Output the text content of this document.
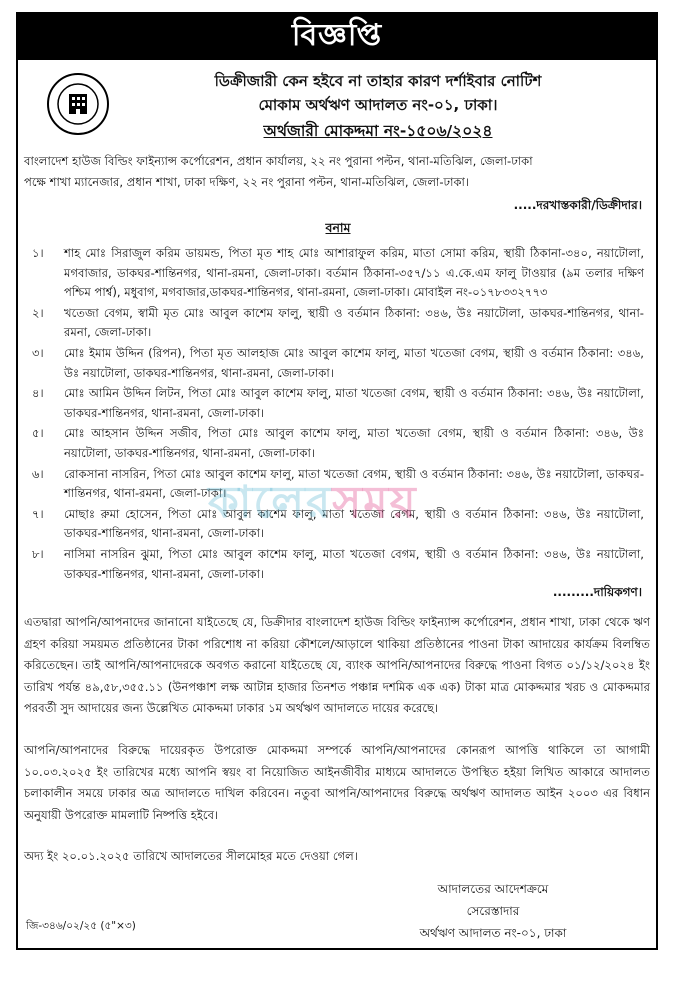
বিজ্ঞপ্তি
ডিক্রীজারী কেন হইবে না তাহার কারণ দর্শাইবার নোটিশ
মোকাম অর্থঋণ আদালত নং-০১, ঢাকা।
অর্থজারী মোকদ্দমা নং-১৫০৬/২০২৪
বাংলাদেশ হাউজ বিল্ডিং ফাইন্যান্স কর্পোরেশন, প্রধান কার্যালয়, ২২ নং পুরানা পল্টন, থানা-মতিঝিল, জেলা-ঢাকা
পক্ষে শাখা ম্যানেজার, প্রধান শাখা, ঢাকা দক্ষিণ, ২২ নং পুরানা পল্টন, থানা-মতিঝিল, জেলা-ঢাকা।
.....দরখাস্তকারী/ডিক্রীদার।
বনাম
১।	শাহ মোঃ সিরাজুল করিম ডায়মন্ড, পিতা মৃত শাহ মোঃ আশারাফুল করিম, মাতা সোমা করিম, স্থায়ী ঠিকানা-৩৪০, নয়াটোলা, মগবাজার, ডাকঘর-শান্তিনগর, থানা-রমনা, জেলা-ঢাকা। বর্তমান ঠিকানা-৩৫৭/১১ এ.কে.এম ফালু টাওয়ার (৯ম তলার দক্ষিণ পশ্চিম পার্শ্ব), মধুবাগ, মগবাজার,ডাকঘর-শান্তিনগর, থানা-রমনা, জেলা-ঢাকা। মোবাইল নং-০১৭৮৩৩২৭৭৩
২।	খতেজা বেগম, স্বামী মৃত মোঃ আবুল কাশেম ফালু, স্থায়ী ও বর্তমান ঠিকানা: ৩৪৬, উঃ নয়াটোলা, ডাকঘর-শান্তিনগর, থানা-রমনা, জেলা-ঢাকা।
৩।	মোঃ ইমাম উদ্দিন (রিপন), পিতা মৃত আলহাজ মোঃ আবুল কাশেম ফালু, মাতা খতেজা বেগম, স্থায়ী ও বর্তমান ঠিকানা: ৩৪৬, উঃ নয়াটোলা, ডাকঘর-শান্তিনগর, থানা-রমনা, জেলা-ঢাকা।
৪।	মোঃ আমিন উদ্দিন লিটন, পিতা মোঃ আবুল কাশেম ফালু, মাতা খতেজা বেগম, স্থায়ী ও বর্তমান ঠিকানা: ৩৪৬, উঃ নয়াটোলা, ডাকঘর-শান্তিনগর, থানা-রমনা, জেলা-ঢাকা।
৫।	মোঃ আহসান উদ্দিন সজীব, পিতা মোঃ আবুল কাশেম ফালু, মাতা খতেজা বেগম, স্থায়ী ও বর্তমান ঠিকানা: ৩৪৬, উঃ নয়াটোলা, ডাকঘর-শান্তিনগর, থানা-রমনা, জেলা-ঢাকা।
৬।	রোকসানা নাসরিন, পিতা মোঃ আবুল কাশেম ফালু, মাতা খতেজা বেগম, স্থায়ী ও বর্তমান ঠিকানা: ৩৪৬, উঃ নয়াটোলা, ডাকঘর-শান্তিনগর, থানা-রমনা, জেলা-ঢাকা।
৭।	মোছাঃ রুমা হোসেন, পিতা মোঃ আবুল কাশেম ফালু, মাতা খতেজা বেগম, স্থায়ী ও বর্তমান ঠিকানা: ৩৪৬, উঃ নয়াটোলা, ডাকঘর-শান্তিনগর, থানা-রমনা, জেলা-ঢাকা।
৮।	নাসিমা নাসরিন ঝুমা, পিতা মোঃ আবুল কাশেম ফালু, মাতা খতেজা বেগম, স্থায়ী ও বর্তমান ঠিকানা: ৩৪৬, উঃ নয়াটোলা, ডাকঘর-শান্তিনগর, থানা-রমনা, জেলা-ঢাকা।
কালেরসময়
.........দায়িকগণ।
এতদ্বারা আপনি/আপনাদের জানানো যাইতেছে যে, ডিক্রীদার বাংলাদেশ হাউজ বিল্ডিং ফাইন্যান্স কর্পোরেশন, প্রধান শাখা, ঢাকা থেকে ঋণ গ্রহণ করিয়া সময়মত প্রতিষ্ঠানের টাকা পরিশোধ না করিয়া কৌশলে/আড়ালে থাকিয়া প্রতিষ্ঠানের পাওনা টাকা আদায়ের কার্যক্রম বিলম্বিত করিতেছেন। তাই আপনি/আপনাদেরকে অবগত করানো যাইতেছে যে, ব্যাংক আপনি/আপনাদের বিরুদ্ধে পাওনা বিগত ০১/১২/২০২৪ ইং তারিখ পর্যন্ত ৪৯,৫৮,৩৫৫.১১ (উনপঞ্চাশ লক্ষ আটান্ন হাজার তিনশত পঞ্চান্ন দশমিক এক এক) টাকা মাত্র মোকদ্দমার খরচ ও মোকদ্দমার পরবর্তী সুদ আদায়ের জন্য উল্লেখিত মোকদ্দমা ঢাকার ১ম অর্থঋণ আদালতে দায়ের করেছে।
আপনি/আপনাদের বিরুদ্ধে দায়েরকৃত উপরোক্ত মোকদ্দমা সম্পর্কে আপনি/আপনাদের কোনরূপ আপত্তি থাকিলে তা আগামী ১০.০৩.২০২৫ ইং তারিখের মধ্যে আপনি স্বয়ং বা নিয়োজিত আইনজীবীর মাধ্যমে আদালতে উপস্থিত হইয়া লিখিত আকারে আদালত চলাকালীন সময়ে ঢাকার অত্র আদালতে দাখিল করিবেন। নতুবা আপনি/আপনাদের বিরুদ্ধে অর্থঋণ আদালত আইন ২০০৩ এর বিধান অনুযায়ী উপরোক্ত মামলাটি নিষ্পত্তি হইবে।
অদ্য ইং ২০.০১.২০২৫ তারিখে আদালতের সীলমোহর মতে দেওয়া গেল।
আদালতের আদেশক্রমে
সেরেস্তাদার
অর্থঋণ আদালত নং-০১, ঢাকা
জি-৩৪৬/০২/২৫ (৫"×৩)
